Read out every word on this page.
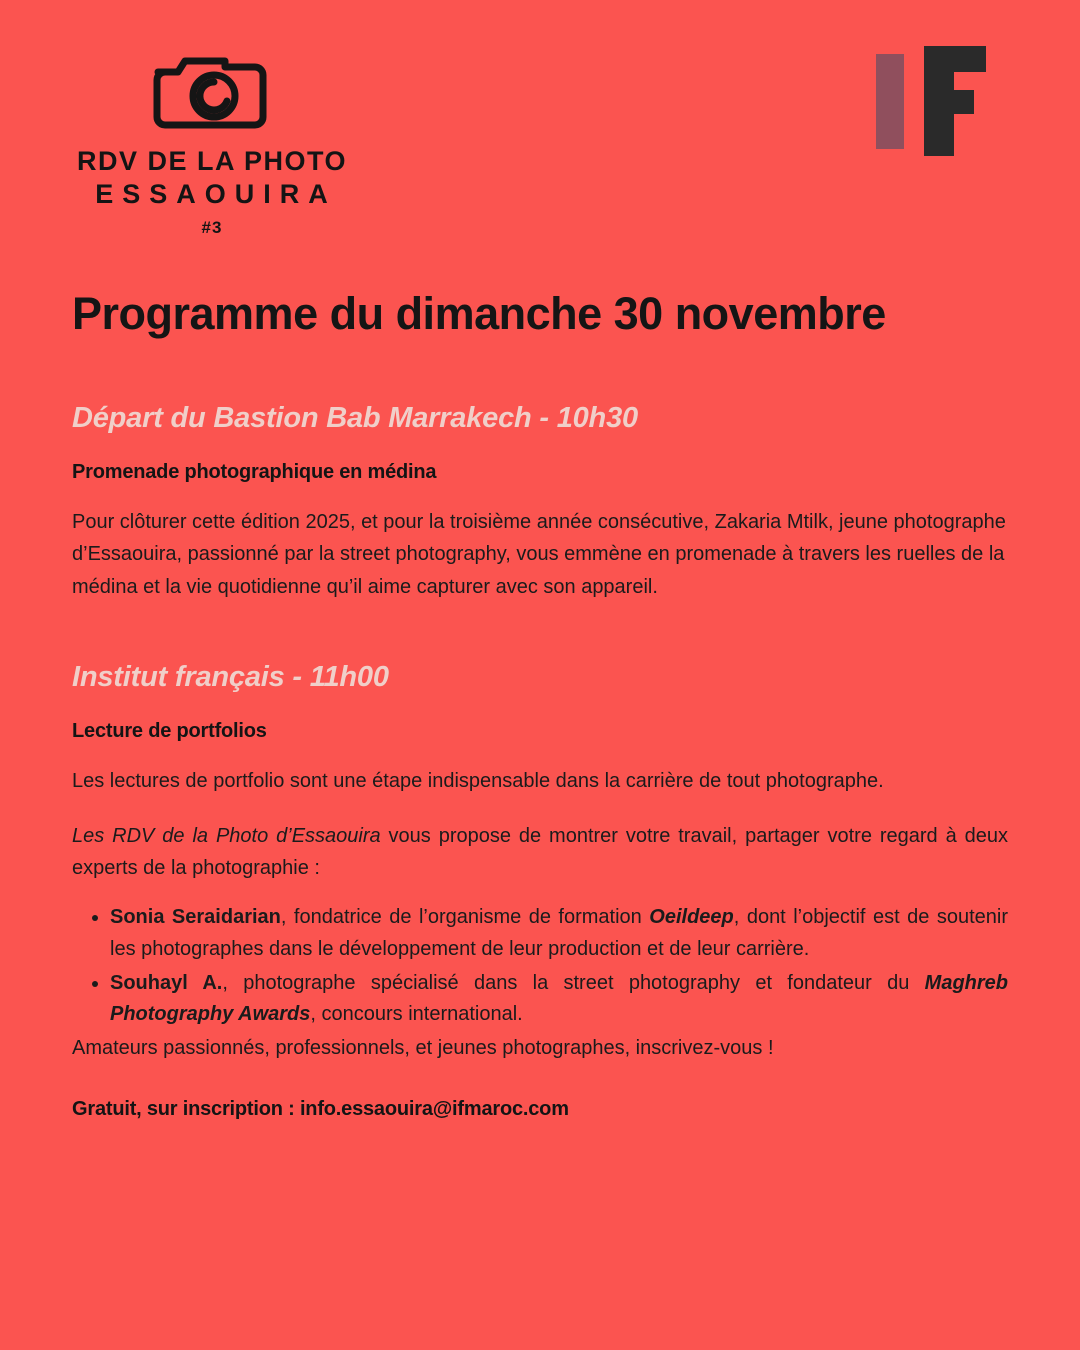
RDV DE LA PHOTO
ESSAOUIRA
#3
Programme du dimanche 30 novembre
Départ du Bastion Bab Marrakech - 10h30
Promenade photographique en médina

Pour clôturer cette édition 2025, et pour la troisième année consécutive, Zakaria Mtilk, jeune photographe d’Essaouira, passionné par la street photography, vous emmène en promenade à travers les ruelles de la médina et la vie quotidienne qu’il aime capturer avec son appareil.

Institut français - 11h00
Lecture de portfolios

Les lectures de portfolio sont une étape indispensable dans la carrière de tout photographe.

Les RDV de la Photo d’Essaouira vous propose de montrer votre travail, partager votre regard à deux experts de la photographie :

• Sonia Seraidarian, fondatrice de l’organisme de formation Oeildeep, dont l’objectif est de soutenir les photographes dans le développement de leur production et de leur carrière.
• Souhayl A., photographe spécialisé dans la street photography et fondateur du Maghreb Photography Awards, concours international.

Amateurs passionnés, professionnels, et jeunes photographes, inscrivez-vous !

Gratuit, sur inscription : info.essaouira@ifmaroc.com
